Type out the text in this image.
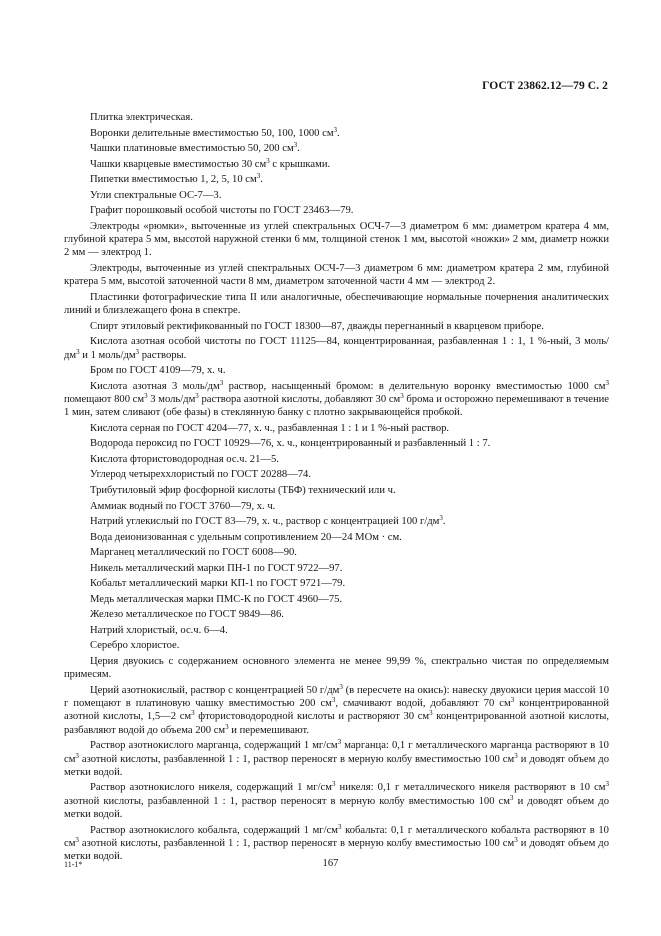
ГОСТ 23862.12—79 С. 2

Плитка электрическая.

Воронки делительные вместимостью 50, 100, 1000 $см^3$.

Чашки платиновые вместимостью 50, 200 $см^3$.

Чашки кварцевые вместимостью 30 $см^3$ с крышками.

Пипетки вместимостью 1, 2, 5, 10 $см^3$.

Угли спектральные ОС-7—3.

Графит порошковый особой чистоты по ГОСТ 23463—79.

Электроды «рюмки», выточенные из углей спектральных ОСЧ-7—3 диаметром 6 мм: диаметром кратера 4 мм, глубиной кратера 5 мм, высотой наружной стенки 6 мм, толщиной стенок 1 мм, высотой «ножки» 2 мм, диаметр ножки 2 мм — электрод 1.

Электроды, выточенные из углей спектральных ОСЧ-7—3 диаметром 6 мм: диаметром кратера 2 мм, глубиной кратера 5 мм, высотой заточенной части 8 мм, диаметром заточенной части 4 мм — электрод 2.

Пластинки фотографические типа II или аналогичные, обеспечивающие нормальные почернения аналитических линий и близлежащего фона в спектре.

Спирт этиловый ректификованный по ГОСТ 18300—87, дважды перегнанный в кварцевом приборе.

Кислота азотная особой чистоты по ГОСТ 11125—84, концентрированная, разбавленная 1 : 1, 1 %-ный, 3 моль/$дм^3$ и 1 моль/$дм^3$ растворы.

Бром по ГОСТ 4109—79, х. ч.

Кислота азотная 3 моль/$дм^3$ раствор, насыщенный бромом: в делительную воронку вместимостью 1000 $см^3$ помещают 800 $см^3$ 3 моль/$дм^3$ раствора азотной кислоты, добавляют 30 $см^3$ брома и осторожно перемешивают в течение 1 мин, затем сливают (обе фазы) в стеклянную банку с плотно закрывающейся пробкой.

Кислота серная по ГОСТ 4204—77, х. ч., разбавленная 1 : 1 и 1 %-ный раствор.

Водорода пероксид по ГОСТ 10929—76, х. ч., концентрированный и разбавленный 1 : 7.

Кислота фтористоводородная ос.ч. 21—5.

Углерод четыреххлористый по ГОСТ 20288—74.

Трибутиловый эфир фосфорной кислоты (ТБФ) технический или ч.

Аммиак водный по ГОСТ 3760—79, х. ч.

Натрий углекислый по ГОСТ 83—79, х. ч., раствор с концентрацией 100 $г/дм^3$.

Вода деионизованная с удельным сопротивлением 20—24 МОм · см.

Марганец металлический по ГОСТ 6008—90.

Никель металлический марки ПН-1 по ГОСТ 9722—97.

Кобальт металлический марки КП-1 по ГОСТ 9721—79.

Медь металлическая марки ПМС-К по ГОСТ 4960—75.

Железо металлическое по ГОСТ 9849—86.

Натрий хлористый, ос.ч. 6—4.

Серебро хлористое.

Церия двуокись с содержанием основного элемента не менее 99,99 %, спектрально чистая по определяемым примесям.

Церий азотнокислый, раствор с концентрацией 50 $г/дм^3$ (в пересчете на окись): навеску двуокиси церия массой 10 г помещают в платиновую чашку вместимостью 200 $см^3$, смачивают водой, добавляют 70 $см^3$ концентрированной азотной кислоты, 1,5—2 $см^3$ фтористоводородной кислоты и растворяют 30 $см^3$ концентрированной азотной кислоты, разбавляют водой до объема 200 $см^3$ и перемешивают.

Раствор азотнокислого марганца, содержащий 1 $мг/см^3$ марганца: 0,1 г металлического марганца растворяют в 10 $см^3$ азотной кислоты, разбавленной 1 : 1, раствор переносят в мерную колбу вместимостью 100 $см^3$ и доводят объем до метки водой.

Раствор азотнокислого никеля, содержащий 1 $мг/см^3$ никеля: 0,1 г металлического никеля растворяют в 10 $см^3$ азотной кислоты, разбавленной 1 : 1, раствор переносят в мерную колбу вместимостью 100 $см^3$ и доводят объем до метки водой.

Раствор азотнокислого кобальта, содержащий 1 $мг/см^3$ кобальта: 0,1 г металлического кобальта растворяют в 10 $см^3$ азотной кислоты, разбавленной 1 : 1, раствор переносят в мерную колбу вместимостью 100 $см^3$ и доводят объем до метки водой.

11-1*	167
